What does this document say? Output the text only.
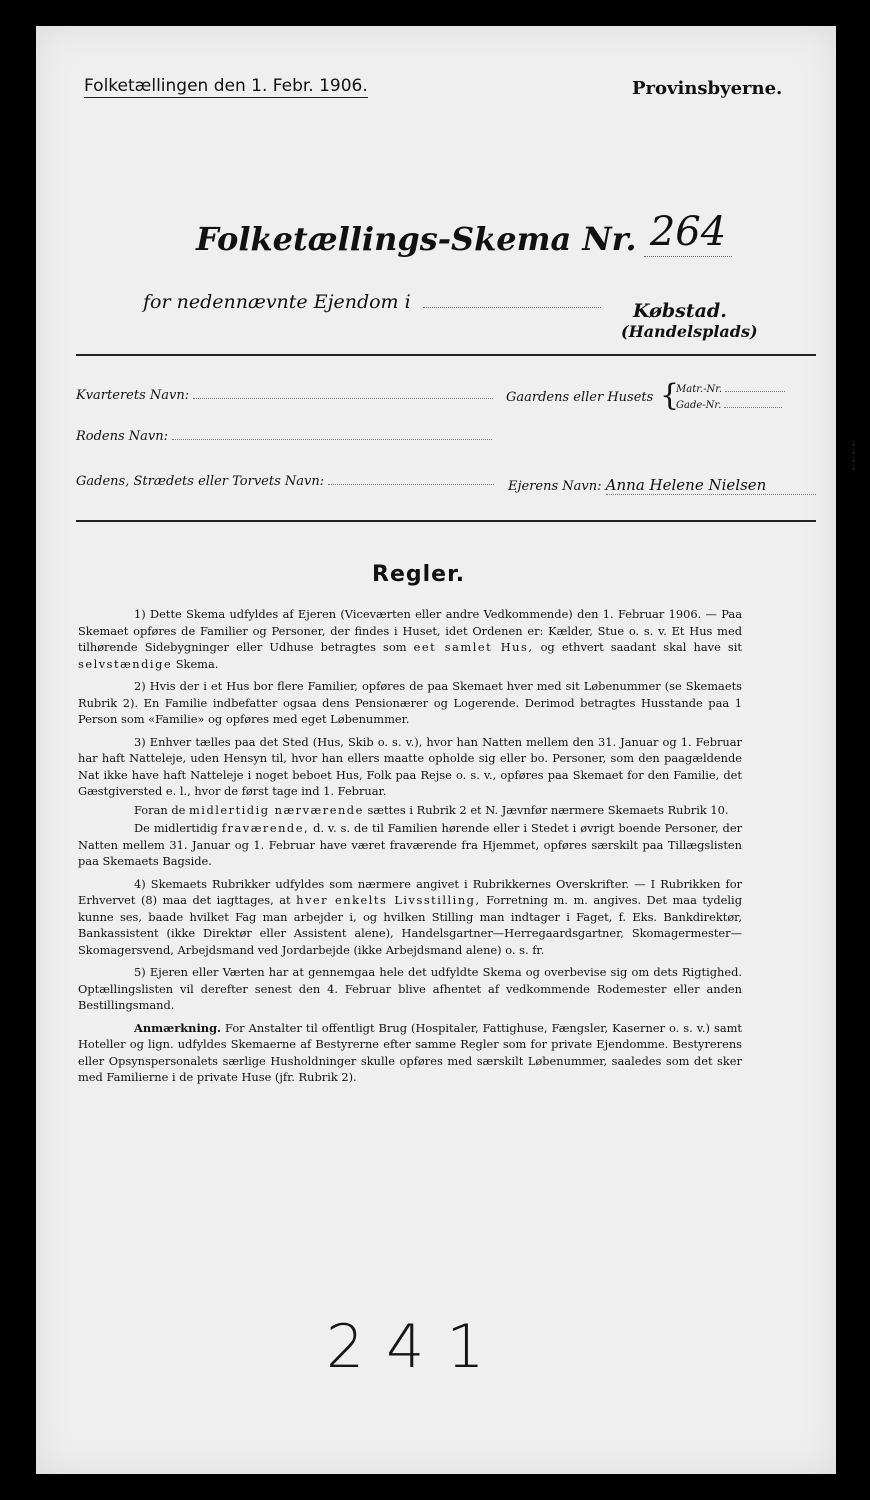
Folketællingen den 1. Febr. 1906.	Provinsbyerne.
Folketællings-Skema Nr. 264
for nedennævnte Ejendom i	Købstad.
(Handelsplads)
Kvarterets Navn:	Gaardens eller Husets {
Matr.-Nr.
Gade-Nr.
Rodens Navn:
Gadens, Strædets eller Torvets Navn:	Ejerens Navn: Anna Helene Nielsen
Regler.

1) Dette Skema udfyldes af Ejeren (Viceværten eller andre Vedkommende) den 1. Februar 1906. — Paa Skemaet opføres de Familier og Personer, der findes i Huset, idet Ordenen er: Kælder, Stue o. s. v. Et Hus med tilhørende Sidebygninger eller Udhuse betragtes som eet samlet Hus, og ethvert saadant skal have sit selvstændige Skema.

2) Hvis der i et Hus bor flere Familier, opføres de paa Skemaet hver med sit Løbenummer (se Skemaets Rubrik 2). En Familie indbefatter ogsaa dens Pensionærer og Logerende. Derimod betragtes Husstande paa 1 Person som «Familie» og opføres med eget Løbenummer.

3) Enhver tælles paa det Sted (Hus, Skib o. s. v.), hvor han Natten mellem den 31. Januar og 1. Februar har haft Natteleje, uden Hensyn til, hvor han ellers maatte opholde sig eller bo. Personer, som den paagældende Nat ikke have haft Natteleje i noget beboet Hus, Folk paa Rejse o. s. v., opføres paa Skemaet for den Familie, det Gæstgiversted e. l., hvor de først tage ind 1. Februar.

Foran de midlertidig nærværende sættes i Rubrik 2 et N. Jævnfør nærmere Skemaets Rubrik 10.

De midlertidig fraværende, d. v. s. de til Familien hørende eller i Stedet i øvrigt boende Personer, der Natten mellem 31. Januar og 1. Februar have været fraværende fra Hjemmet, opføres særskilt paa Tillægslisten paa Skemaets Bagside.

4) Skemaets Rubrikker udfyldes som nærmere angivet i Rubrikkernes Overskrifter. — I Rubrikken for Erhvervet (8) maa det iagttages, at hver enkelts Livsstilling, Forretning m. m. angives. Det maa tydelig kunne ses, baade hvilket Fag man arbejder i, og hvilken Stilling man indtager i Faget, f. Eks. Bankdirektør, Bankassistent (ikke Direktør eller Assistent alene), Handelsgartner—Herregaardsgartner, Skomagermester—Skomagersvend, Arbejdsmand ved Jordarbejde (ikke Arbejdsmand alene) o. s. fr.

5) Ejeren eller Værten har at gennemgaa hele det udfyldte Skema og overbevise sig om dets Rigtighed. Optællingslisten vil derefter senest den 4. Februar blive afhentet af vedkommende Rodemester eller anden Bestillingsmand.

Anmærkning. For Anstalter til offentligt Brug (Hospitaler, Fattighuse, Fængsler, Kaserner o. s. v.) samt Hoteller og lign. udfyldes Skemaerne af Bestyrerne efter samme Regler som for private Ejendomme. Bestyrerens eller Opsynspersonalets særlige Husholdninger skulle opføres med særskilt Løbenummer, saaledes som det sker med Familierne i de private Huse (jfr. Rubrik 2).

241
·
·
·
·
